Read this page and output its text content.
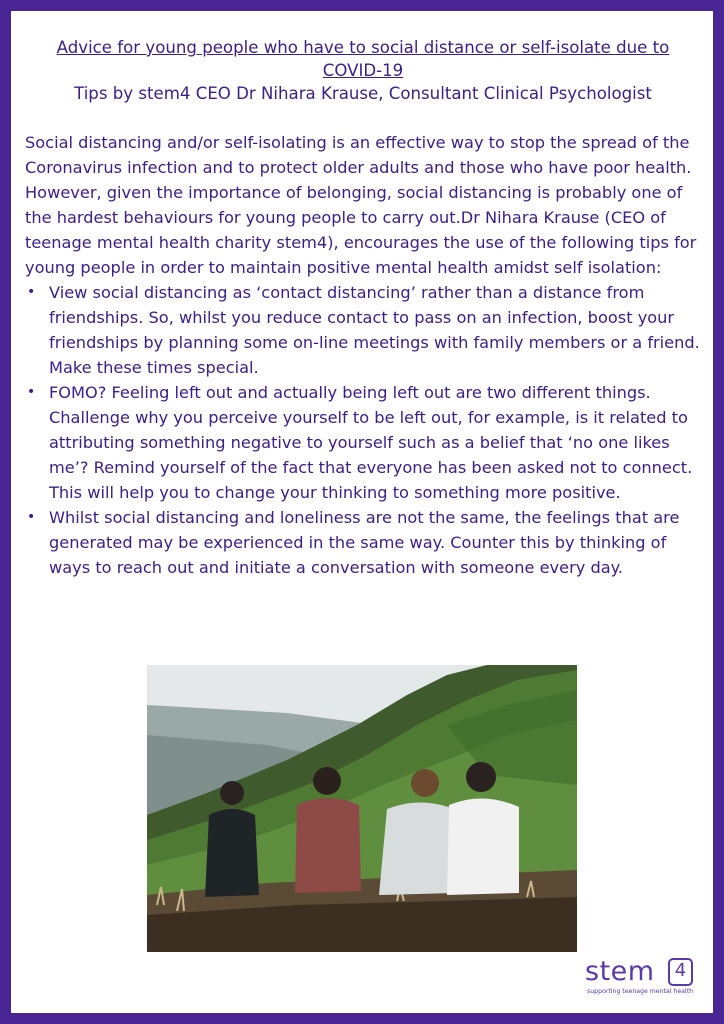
Advice for young people who have to social distance or self-isolate due to COVID-19
Tips by stem4 CEO Dr Nihara Krause, Consultant Clinical Psychologist

Social distancing and/or self-isolating is an effective way to stop the spread of the Coronavirus infection and to protect older adults and those who have poor health. However, given the importance of belonging, social distancing is probably one of the hardest behaviours for young people to carry out.Dr Nihara Krause (CEO of teenage mental health charity stem4), encourages the use of the following tips for young people in order to maintain positive mental health amidst self isolation:

• View social distancing as ‘contact distancing’ rather than a distance from friendships. So, whilst you reduce contact to pass on an infection, boost your friendships by planning some on-line meetings with family members or a friend. Make these times special.
• FOMO? Feeling left out and actually being left out are two different things. Challenge why you perceive yourself to be left out, for example, is it related to attributing something negative to yourself such as a belief that ‘no one likes me’? Remind yourself of the fact that everyone has been asked not to connect. This will help you to change your thinking to something more positive.
• Whilst social distancing and loneliness are not the same, the feelings that are generated may be experienced in the same way. Counter this by thinking of ways to reach out and initiate a conversation with someone every day.
stem	4
supporting teenage mental health
